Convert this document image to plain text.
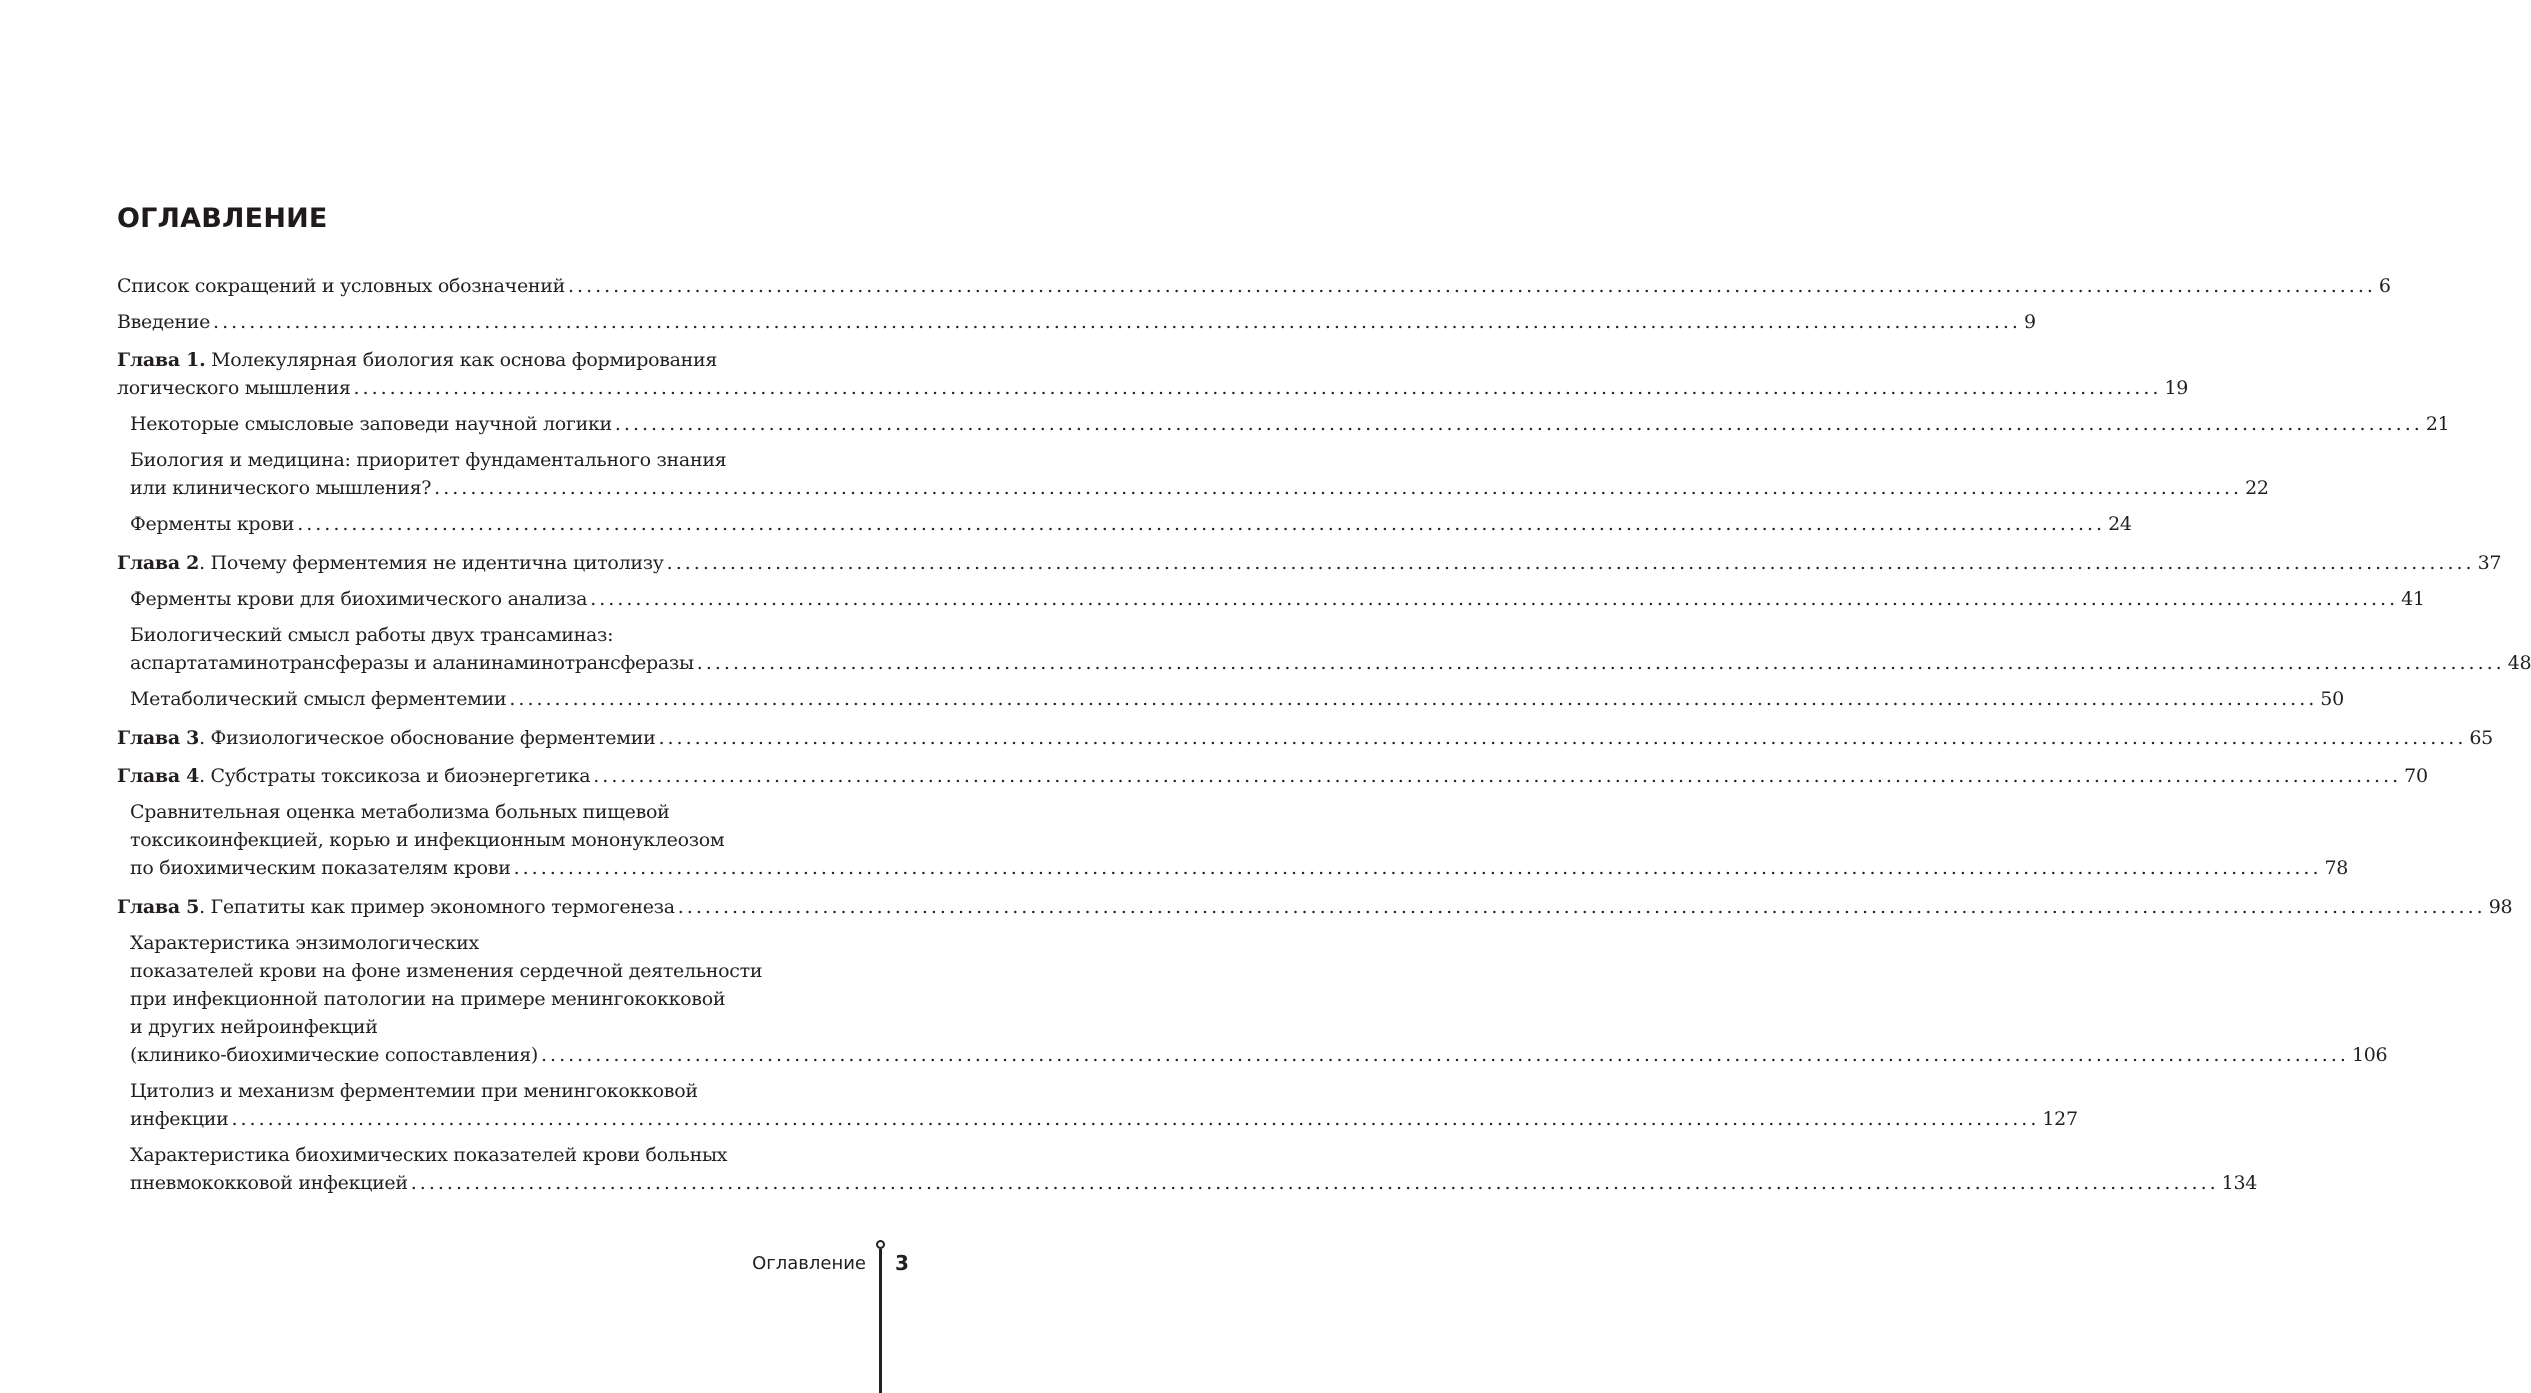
ОГЛАВЛЕНИЕ
Список сокращений и условных обозначений ........................................................................................................................................................................................................ 6
Введение ........................................................................................................................................................................................................ 9
Глава 1. Молекулярная биология как основа формирования
логического мышления ........................................................................................................................................................................................................ 19
Некоторые смысловые заповеди научной логики ........................................................................................................................................................................................................ 21
Биология и медицина: приоритет фундаментального знания
или клинического мышления? ........................................................................................................................................................................................................ 22
Ферменты крови ........................................................................................................................................................................................................ 24
Глава 2. Почему ферментемия не идентична цитолизу ........................................................................................................................................................................................................ 37
Ферменты крови для биохимического анализа ........................................................................................................................................................................................................ 41
Биологический смысл работы двух трансаминаз:
аспартатаминотрансферазы и аланинаминотрансферазы ........................................................................................................................................................................................................ 48
Метаболический смысл ферментемии ........................................................................................................................................................................................................ 50
Глава 3. Физиологическое обоснование ферментемии ........................................................................................................................................................................................................ 65
Глава 4. Субстраты токсикоза и биоэнергетика ........................................................................................................................................................................................................ 70
Сравнительная оценка метаболизма больных пищевой
токсикоинфекцией, корью и инфекционным мононуклеозом
по биохимическим показателям крови ........................................................................................................................................................................................................ 78
Глава 5. Гепатиты как пример экономного термогенеза ........................................................................................................................................................................................................ 98
Характеристика энзимологических
показателей крови на фоне изменения сердечной деятельности
при инфекционной патологии на примере менингококковой
и других нейроинфекций
(клинико-биохимические сопоставления) ........................................................................................................................................................................................................ 106
Цитолиз и механизм ферментемии при менингококковой
инфекции ........................................................................................................................................................................................................ 127
Характеристика биохимических показателей крови больных
пневмококковой инфекцией ........................................................................................................................................................................................................ 134
Оглавление 3
